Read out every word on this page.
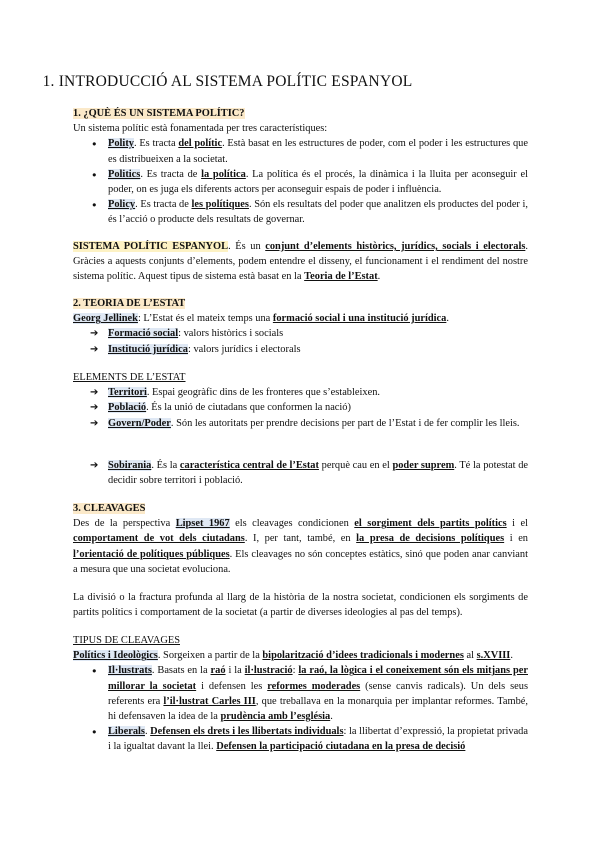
1. INTRODUCCIÓ AL SISTEMA POLÍTIC ESPANYOL
1. ¿QUÈ ÉS UN SISTEMA POLÍTIC?
Un sistema polític està fonamentada per tres característiques:
● Polity. Es tracta del polític. Està basat en les estructures de poder, com el poder i les estructures que es distribueixen a la societat.
● Politics. Es tracta de la política. La política és el procés, la dinàmica i la lluita per aconseguir el poder, on es juga els diferents actors per aconseguir espais de poder i influència.
● Policy. Es tracta de les polítiques. Són els resultats del poder que analitzen els productes del poder i, és l’acció o producte dels resultats de governar.
SISTEMA POLÍTIC ESPANYOL. És un conjunt d’elements històrics, jurídics, socials i electorals. Gràcies a aquests conjunts d’elements, podem entendre el disseny, el funcionament i el rendiment del nostre sistema polític. Aquest tipus de sistema està basat en la Teoria de l’Estat.
2. TEORIA DE L’ESTAT
Georg Jellinek: L’Estat és el mateix temps una formació social i una institució jurídica.
➔ Formació social: valors històrics i socials
➔ Institució jurídica: valors jurídics i electorals
ELEMENTS DE L’ESTAT
➔ Territori. Espai geogràfic dins de les fronteres que s’estableixen.
➔ Població. És la unió de ciutadans que conformen la nació)
➔ Govern/Poder. Són les autoritats per prendre decisions per part de l’Estat i de fer complir les lleis.
➔ Sobirania. És la característica central de l’Estat perquè cau en el poder suprem. Té la potestat de decidir sobre territori i població.
3. CLEAVAGES
Des de la perspectiva Lipset 1967 els cleavages condicionen el sorgiment dels partits polítics i el comportament de vot dels ciutadans. I, per tant, també, en la presa de decisions polítiques i en l’orientació de polítiques públiques. Els cleavages no són conceptes estàtics, sinó que poden anar canviant a mesura que una societat evoluciona.
La divisió o la fractura profunda al llarg de la història de la nostra societat, condicionen els sorgiments de partits polítics i comportament de la societat (a partir de diverses ideologies al pas del temps).
TIPUS DE CLEAVAGES
Polítics i Ideològics. Sorgeixen a partir de la bipolarització d’idees tradicionals i modernes al s.XVIII.
● Il·lustrats. Basats en la raó i la il·lustració: la raó, la lògica i el coneixement són els mitjans per millorar la societat i defensen les reformes moderades (sense canvis radicals). Un dels seus referents era l’il·lustrat Carles III, que treballava en la monarquia per implantar reformes. També, hi defensaven la idea de la prudència amb l’església.
● Liberals. Defensen els drets i les llibertats individuals: la llibertat d’expressió, la propietat privada i la igualtat davant la llei. Defensen la participació ciutadana en la presa de decisió
